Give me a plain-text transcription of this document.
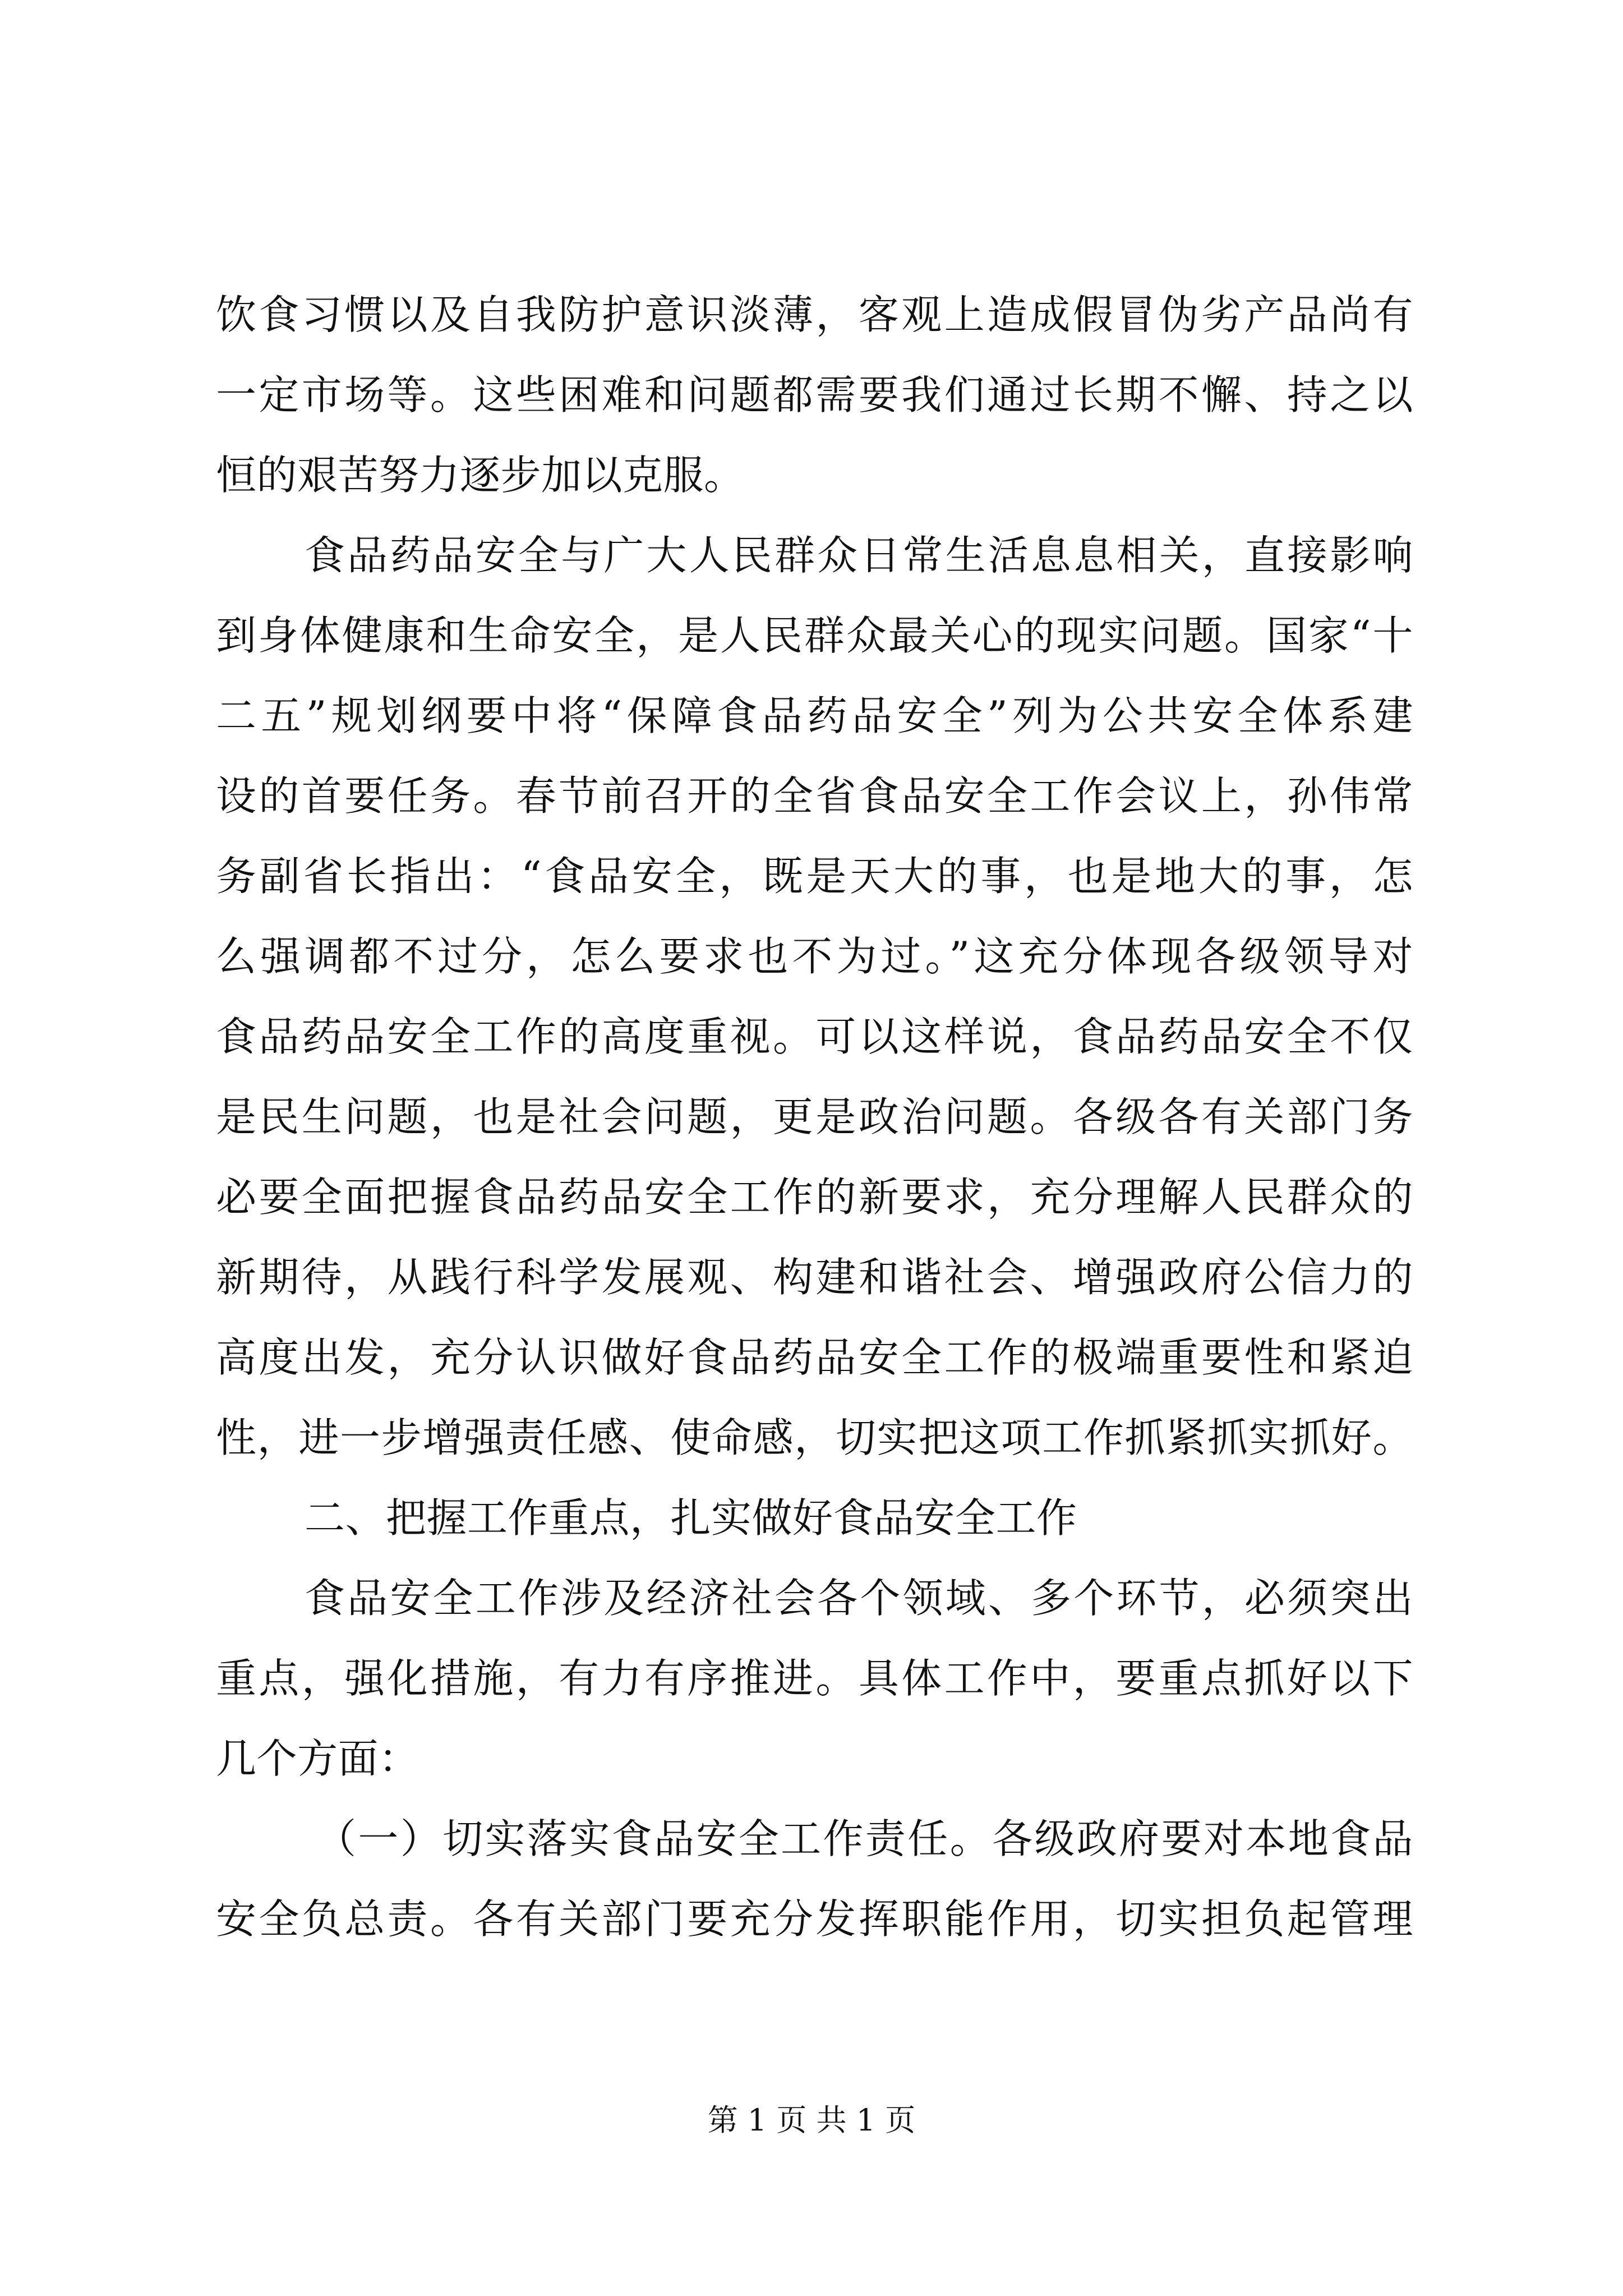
饮食习惯以及自我防护意识淡薄，客观上造成假冒伪劣产品尚有
一定市场等。这些困难和问题都需要我们通过长期不懈、持之以
恒的艰苦努力逐步加以克服。
食品药品安全与广大人民群众日常生活息息相关，直接影响
到身体健康和生命安全，是人民群众最关心的现实问题。国家“十
二五”规划纲要中将“保障食品药品安全”列为公共安全体系建
设的首要任务。春节前召开的全省食品安全工作会议上，孙伟常
务副省长指出：“食品安全，既是天大的事，也是地大的事，怎
么强调都不过分，怎么要求也不为过。”这充分体现各级领导对
食品药品安全工作的高度重视。可以这样说，食品药品安全不仅
是民生问题，也是社会问题，更是政治问题。各级各有关部门务
必要全面把握食品药品安全工作的新要求，充分理解人民群众的
新期待，从践行科学发展观、构建和谐社会、增强政府公信力的
高度出发，充分认识做好食品药品安全工作的极端重要性和紧迫
性，进一步增强责任感、使命感，切实把这项工作抓紧抓实抓好。
二、把握工作重点，扎实做好食品安全工作
食品安全工作涉及经济社会各个领域、多个环节，必须突出
重点，强化措施，有力有序推进。具体工作中，要重点抓好以下
几个方面：
（一）切实落实食品安全工作责任。各级政府要对本地食品
安全负总责。各有关部门要充分发挥职能作用，切实担负起管理
第 1 页 共 1 页
